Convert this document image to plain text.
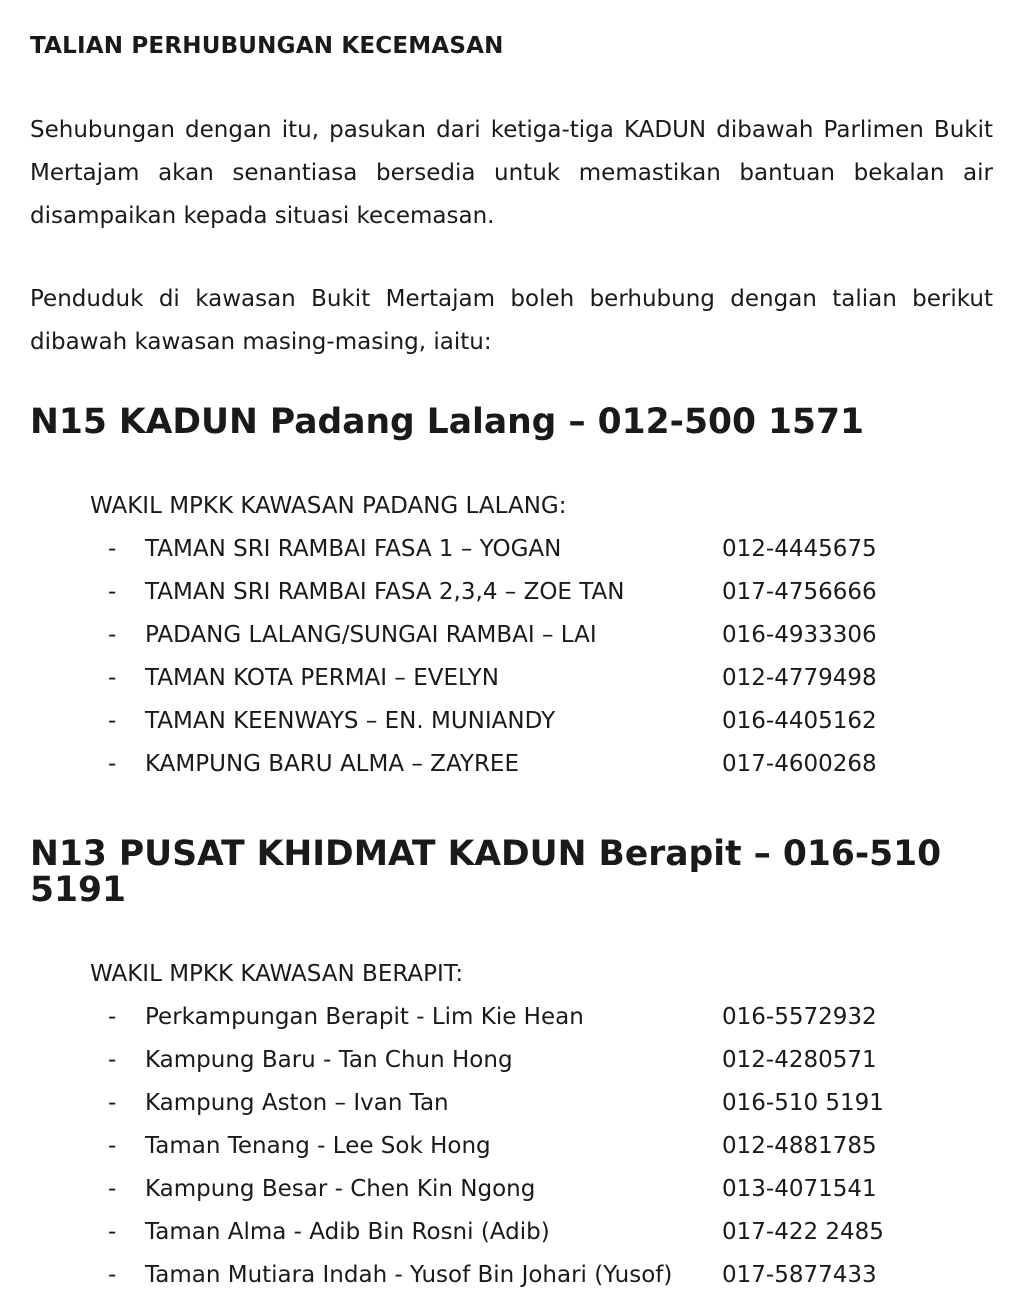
TALIAN PERHUBUNGAN KECEMASAN

Sehubungan dengan itu, pasukan dari ketiga-tiga KADUN dibawah Parlimen Bukit Mertajam akan senantiasa bersedia untuk memastikan bantuan bekalan air disampaikan kepada situasi kecemasan.

Penduduk di kawasan Bukit Mertajam boleh berhubung dengan talian berikut dibawah kawasan masing-masing, iaitu:

N15 KADUN Padang Lalang – 012-500 1571

WAKIL MPKK KAWASAN PADANG LALANG:

-	TAMAN SRI RAMBAI FASA 1 – YOGAN	012-4445675
-	TAMAN SRI RAMBAI FASA 2,3,4 – ZOE TAN	017-4756666
-	PADANG LALANG/SUNGAI RAMBAI – LAI	016-4933306
-	TAMAN KOTA PERMAI – EVELYN	012-4779498
-	TAMAN KEENWAYS – EN. MUNIANDY	016-4405162
-	KAMPUNG BARU ALMA – ZAYREE	017-4600268
N13 PUSAT KHIDMAT KADUN Berapit – 016-510 5191

WAKIL MPKK KAWASAN BERAPIT:

-	Perkampungan Berapit - Lim Kie Hean	016-5572932
-	Kampung Baru - Tan Chun Hong	012-4280571
-	Kampung Aston – Ivan Tan	016-510 5191
-	Taman Tenang - Lee Sok Hong	012-4881785
-	Kampung Besar - Chen Kin Ngong	013-4071541
-	Taman Alma - Adib Bin Rosni (Adib)	017-422 2485
-	Taman Mutiara Indah - Yusof Bin Johari (Yusof)	017-5877433
